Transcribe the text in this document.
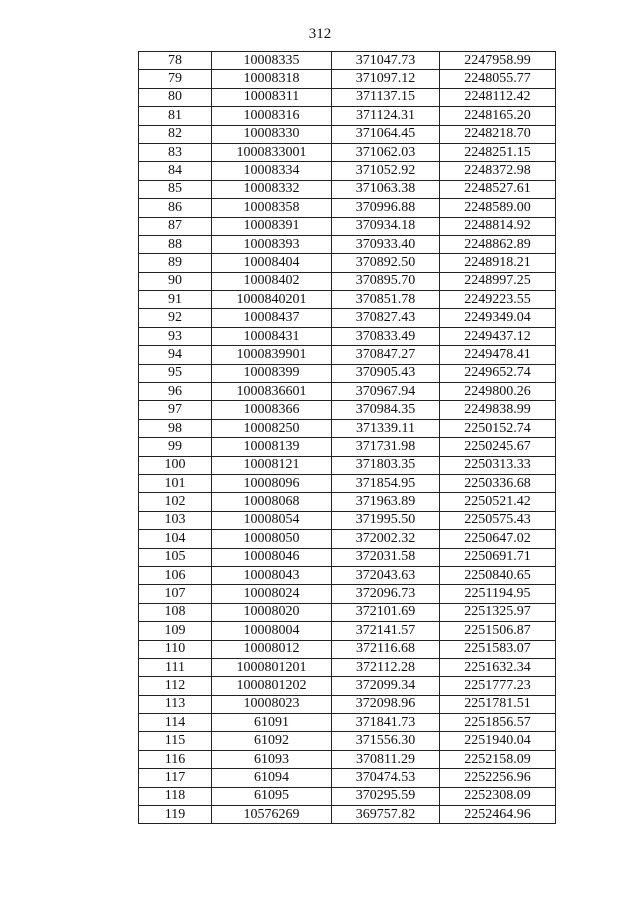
312
78	10008335	371047.73	2247958.99
79	10008318	371097.12	2248055.77
80	10008311	371137.15	2248112.42
81	10008316	371124.31	2248165.20
82	10008330	371064.45	2248218.70
83	1000833001	371062.03	2248251.15
84	10008334	371052.92	2248372.98
85	10008332	371063.38	2248527.61
86	10008358	370996.88	2248589.00
87	10008391	370934.18	2248814.92
88	10008393	370933.40	2248862.89
89	10008404	370892.50	2248918.21
90	10008402	370895.70	2248997.25
91	1000840201	370851.78	2249223.55
92	10008437	370827.43	2249349.04
93	10008431	370833.49	2249437.12
94	1000839901	370847.27	2249478.41
95	10008399	370905.43	2249652.74
96	1000836601	370967.94	2249800.26
97	10008366	370984.35	2249838.99
98	10008250	371339.11	2250152.74
99	10008139	371731.98	2250245.67
100	10008121	371803.35	2250313.33
101	10008096	371854.95	2250336.68
102	10008068	371963.89	2250521.42
103	10008054	371995.50	2250575.43
104	10008050	372002.32	2250647.02
105	10008046	372031.58	2250691.71
106	10008043	372043.63	2250840.65
107	10008024	372096.73	2251194.95
108	10008020	372101.69	2251325.97
109	10008004	372141.57	2251506.87
110	10008012	372116.68	2251583.07
111	1000801201	372112.28	2251632.34
112	1000801202	372099.34	2251777.23
113	10008023	372098.96	2251781.51
114	61091	371841.73	2251856.57
115	61092	371556.30	2251940.04
116	61093	370811.29	2252158.09
117	61094	370474.53	2252256.96
118	61095	370295.59	2252308.09
119	10576269	369757.82	2252464.96
